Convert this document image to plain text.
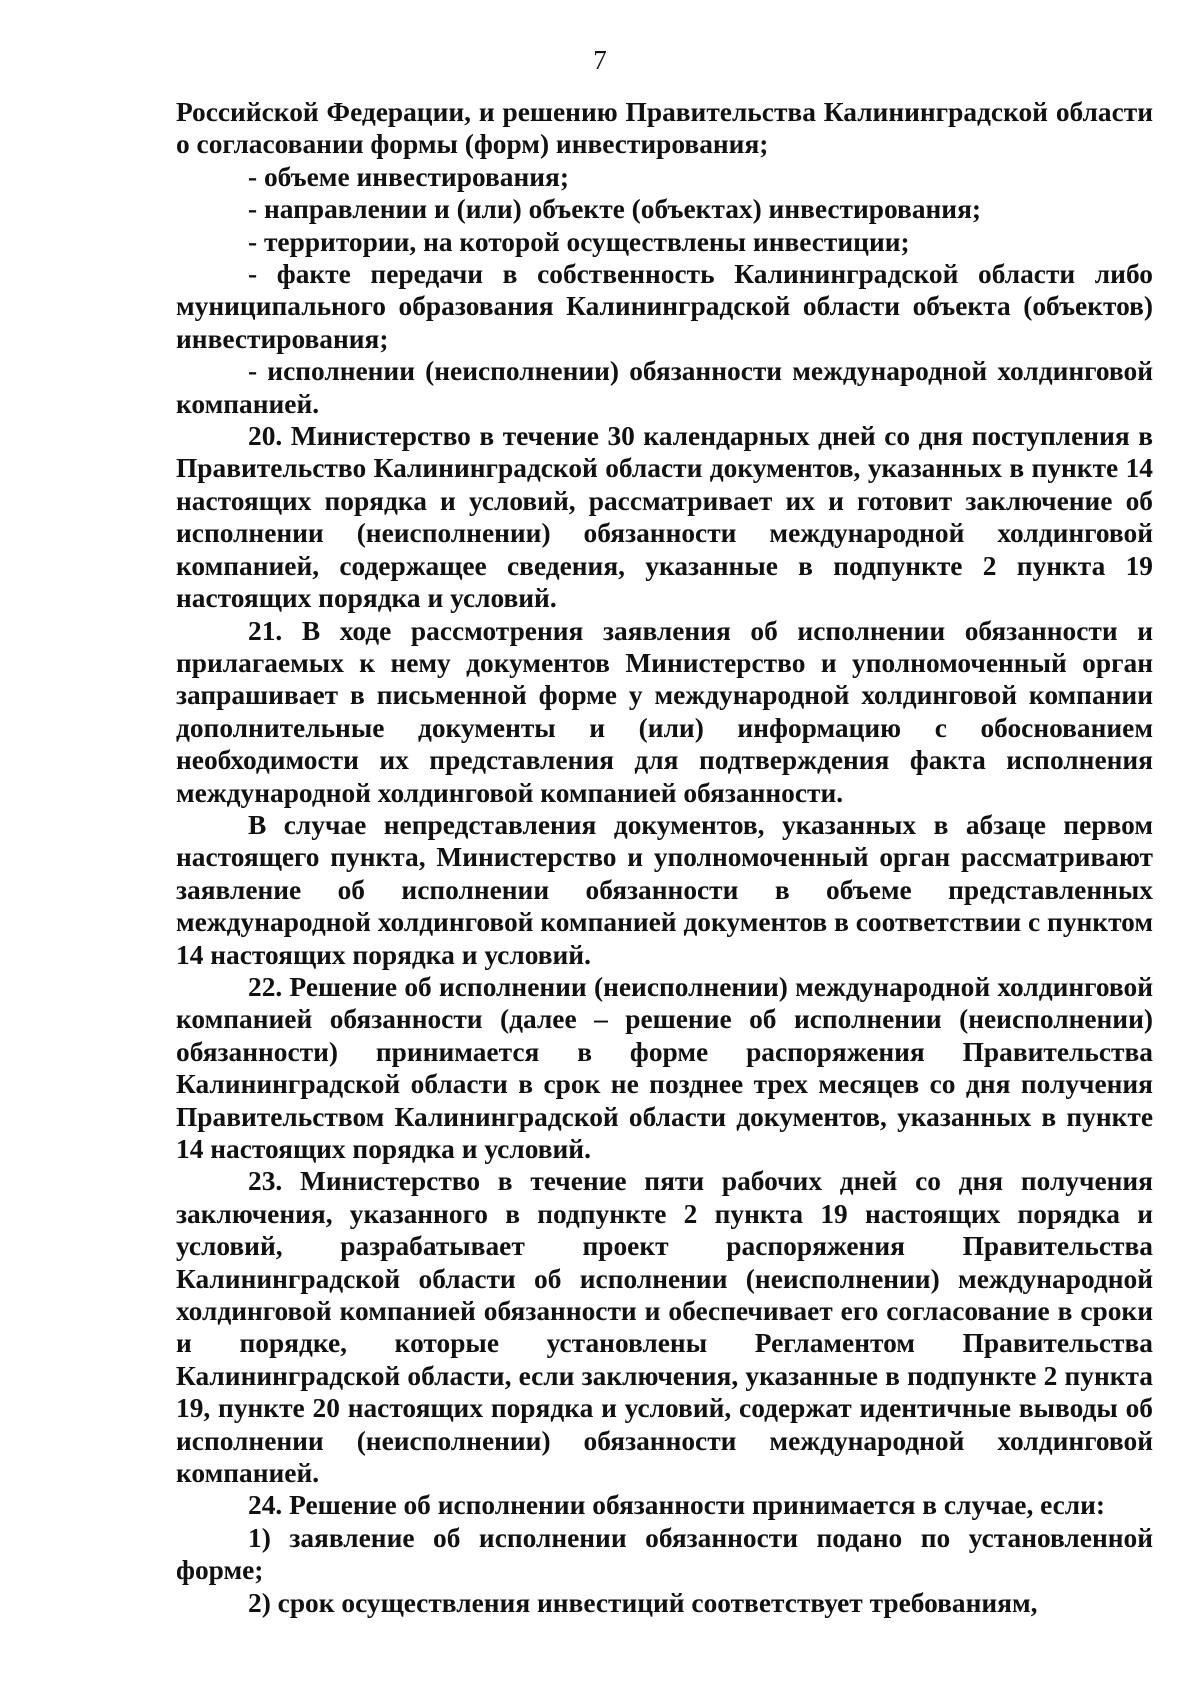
7

Российской Федерации, и решению Правительства Калининградской области о согласовании формы (форм) инвестирования;

- объеме инвестирования;

- направлении и (или) объекте (объектах) инвестирования;

- территории, на которой осуществлены инвестиции;

- факте передачи в собственность Калининградской области либо муниципального образования Калининградской области объекта (объектов) инвестирования;

- исполнении (неисполнении) обязанности международной холдинговой компанией.

20. Министерство в течение 30 календарных дней со дня поступления в Правительство Калининградской области документов, указанных в пункте 14 настоящих порядка и условий, рассматривает их и готовит заключение об исполнении (неисполнении) обязанности международной холдинговой компанией, содержащее сведения, указанные в подпункте 2 пункта 19 настоящих порядка и условий.

21. В ходе рассмотрения заявления об исполнении обязанности и прилагаемых к нему документов Министерство и уполномоченный орган запрашивает в письменной форме у международной холдинговой компании дополнительные документы и (или) информацию с обоснованием необходимости их представления для подтверждения факта исполнения международной холдинговой компанией обязанности.

В случае непредставления документов, указанных в абзаце первом настоящего пункта, Министерство и уполномоченный орган рассматривают заявление об исполнении обязанности в объеме представленных международной холдинговой компанией документов в соответствии с пунктом 14 настоящих порядка и условий.

22. Решение об исполнении (неисполнении) международной холдинговой компанией обязанности (далее – решение об исполнении (неисполнении) обязанности) принимается в форме распоряжения Правительства Калининградской области в срок не позднее трех месяцев со дня получения Правительством Калининградской области документов, указанных в пункте 14 настоящих порядка и условий.

23. Министерство в течение пяти рабочих дней со дня получения заключения, указанного в подпункте 2 пункта 19 настоящих порядка и условий, разрабатывает проект распоряжения Правительства Калининградской области об исполнении (неисполнении) международной холдинговой компанией обязанности и обеспечивает его согласование в сроки и порядке, которые установлены Регламентом Правительства Калининградской области, если заключения, указанные в подпункте 2 пункта 19, пункте 20 настоящих порядка и условий, содержат идентичные выводы об исполнении (неисполнении) обязанности международной холдинговой компанией.

24. Решение об исполнении обязанности принимается в случае, если:

1) заявление об исполнении обязанности подано по установленной форме;

2) срок осуществления инвестиций соответствует требованиям,
